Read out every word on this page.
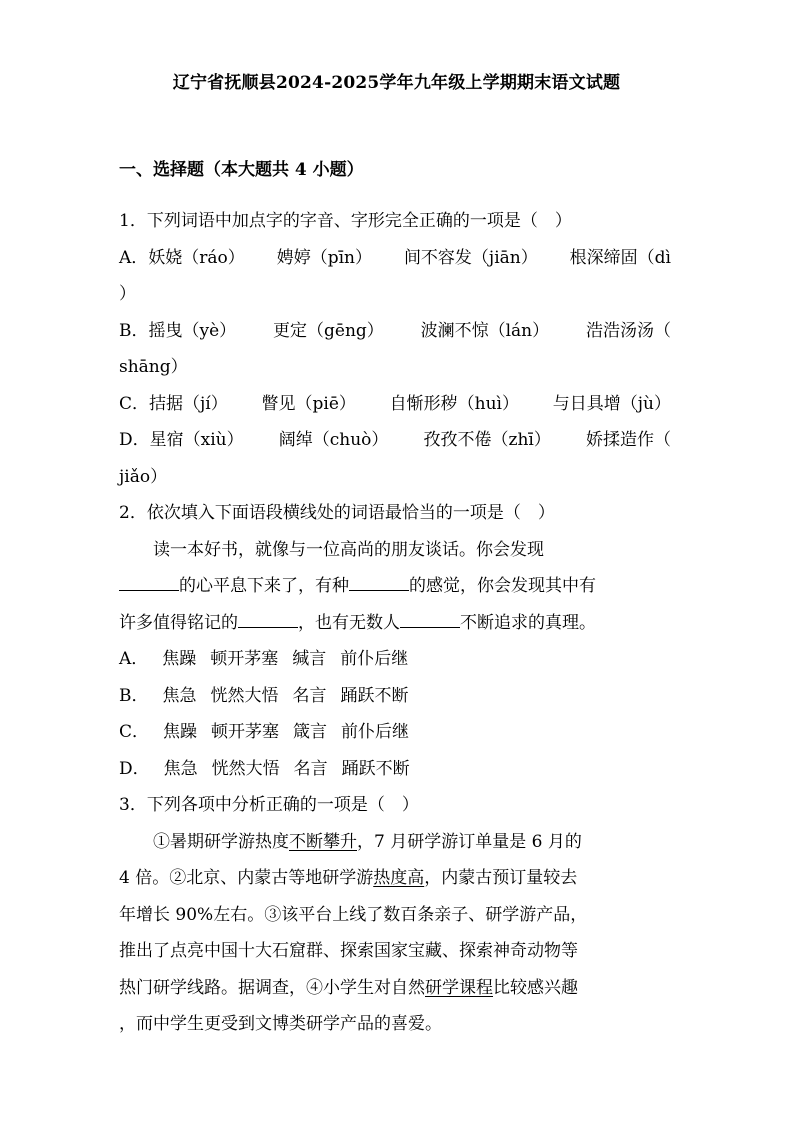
辽宁省抚顺县2024-2025学年九年级上学期期末语文试题
一、选择题（本大题共 4 小题）
1．下列词语中加点字的字音、字形完全正确的一项是（　）
A．妖娆（ráo） 娉婷（pīn） 间不容发（jiān） 根深缔固（dì
）
B．摇曳（yè） 更定（gēng） 波澜不惊（lán） 浩浩汤汤（
shāng）
C．拮据（jí） 瞥见（piē） 自惭形秽（huì） 与日具增（jù）
D．星宿（xiù） 阔绰（chuò） 孜孜不倦（zhī） 娇揉造作（
jiǎo）
2．依次填入下面语段横线处的词语最恰当的一项是（　）
读一本好书，就像与一位高尚的朋友谈话。你会发现
的心平息下来了，有种	的感觉，你会发现其中有
许多值得铭记的	，也有无数人	不断追求的真理。
A． 焦躁 顿开茅塞 缄言 前仆后继
B． 焦急 恍然大悟 名言 踊跃不断
C． 焦躁 顿开茅塞 箴言 前仆后继
D． 焦急 恍然大悟 名言 踊跃不断
3．下列各项中分析正确的一项是（　）
①暑期研学游热度不断攀升，7 月研学游订单量是 6 月的
4 倍。②北京、内蒙古等地研学游热度高，内蒙古预订量较去
年增长 90%左右。③该平台上线了数百条亲子、研学游产品，
推出了点亮中国十大石窟群、探索国家宝藏、探索神奇动物等
热门研学线路。据调查，④小学生对自然研学课程比较感兴趣
，而中学生更受到文博类研学产品的喜爱。
